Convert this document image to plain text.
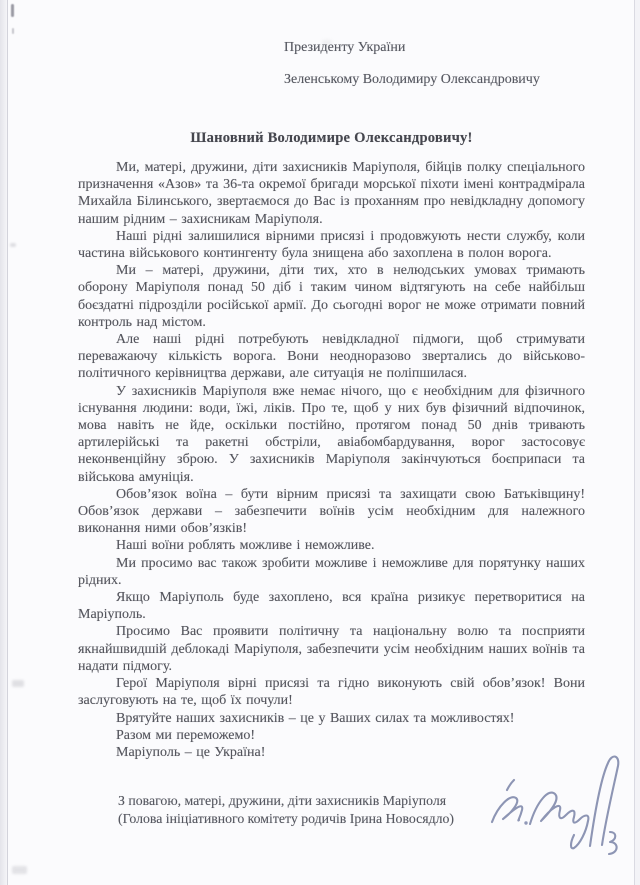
Президенту України

Зеленському Володимиру Олександровичу

Шановний Володимире Олександровичу!

Ми, матері, дружини, діти захисників Маріуполя, бійців полку спеціального призначення «Азов» та 36-та окремої бригади морської піхоти імені контрадмірала Михайла Білинського, звертаємося до Вас із проханням про невідкладну допомогу нашим рідним – захисникам Маріуполя.

Наші рідні залишилися вірними присязі і продовжують нести службу, коли частина військового контингенту була знищена або захоплена в полон ворога.

Ми – матері, дружини, діти тих, хто в нелюдських умовах тримають оборону Маріуполя понад 50 діб і таким чином відтягують на себе найбільш боєздатні підрозділи російської армії. До сьогодні ворог не може отримати повний контроль над містом.

Але наші рідні потребують невідкладної підмоги, щоб стримувати переважаючу кількість ворога. Вони неодноразово звертались до військово-політичного керівництва держави, але ситуація не поліпшилася.

У захисників Маріуполя вже немає нічого, що є необхідним для фізичного існування людини: води, їжі, ліків. Про те, щоб у них був фізичний відпочинок, мова навіть не йде, оскільки постійно, протягом понад 50 днів тривають артилерійські та ракетні обстріли, авіабомбардування, ворог застосовує неконвенційну зброю. У захисників Маріуполя закінчуються боєприпаси та військова амуніція.

Обов’язок воїна – бути вірним присязі та захищати свою Батьківщину! Обов’язок держави – забезпечити воїнів усім необхідним для належного виконання ними обов’язків!

Наші воїни роблять можливе і неможливе.

Ми просимо вас також зробити можливе і неможливе для порятунку наших рідних.

Якщо Маріуполь буде захоплено, вся країна ризикує перетворитися на Маріуполь.

Просимо Вас проявити політичну та національну волю та посприяти якнайшвидшій деблокаді Маріуполя, забезпечити усім необхідним наших воїнів та надати підмогу.

Герої Маріуполя вірні присязі та гідно виконують свій обов’язок! Вони заслуговують на те, щоб їх почули!

Врятуйте наших захисників – це у Ваших силах та можливостях!

Разом ми переможемо!

Маріуполь – це Україна!

З повагою, матері, дружини, діти захисників Маріуполя

(Голова ініціативного комітету родичів Ірина Новосядло)
